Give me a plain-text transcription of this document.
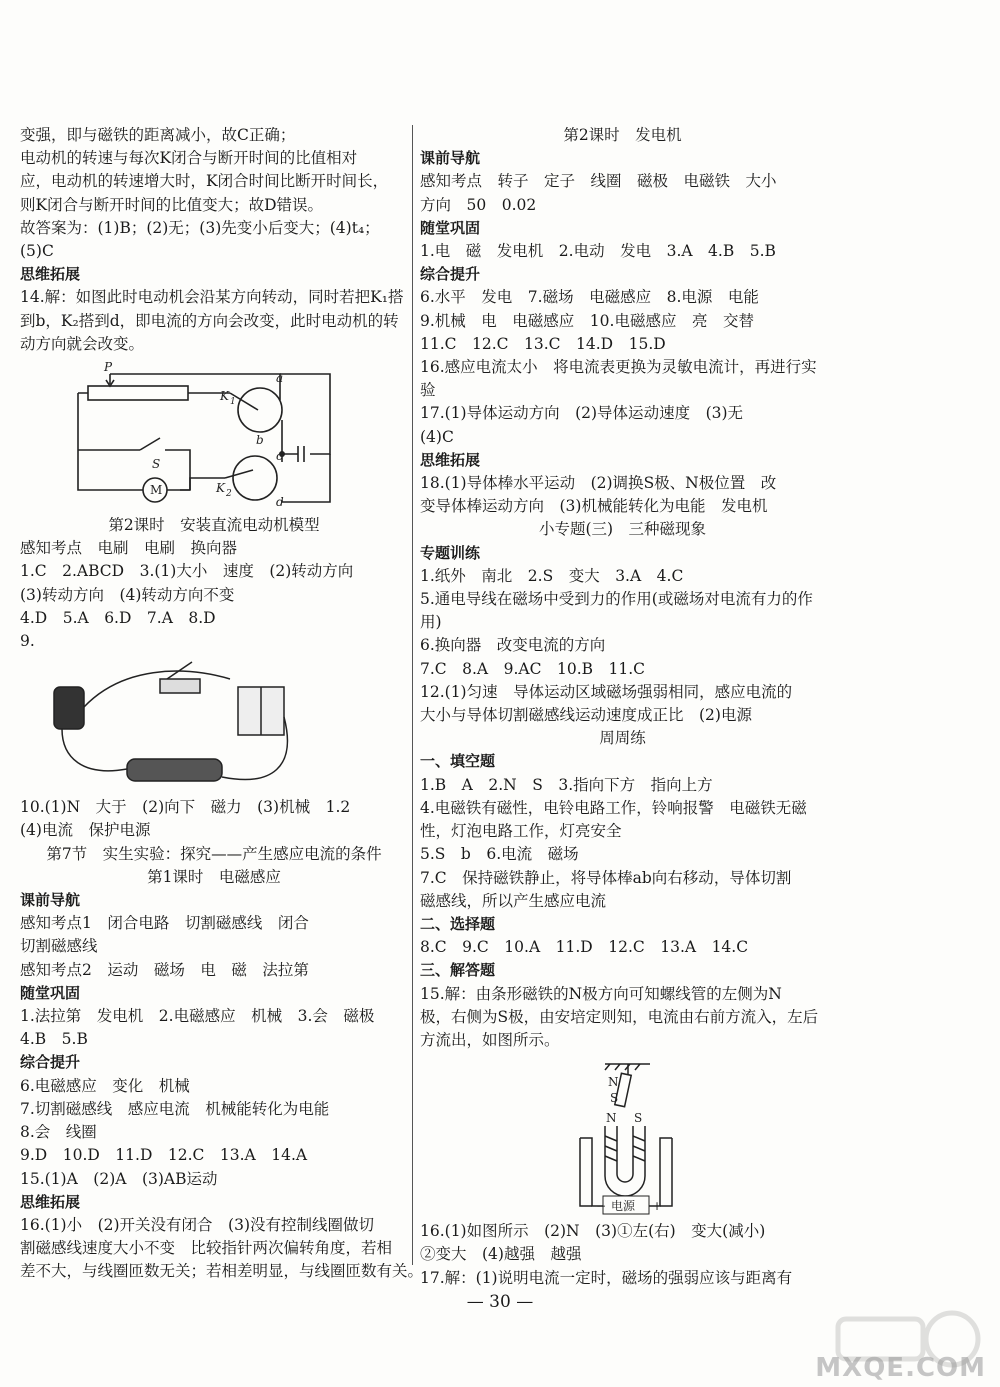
变强，即与磁铁的距离减小，故C正确；
电动机的转速与每次K闭合与断开时间的比值相对
应，电动机的转速增大时，K闭合时间比断开时间长，
则K闭合与断开时间的比值变大；故D错误。
故答案为：(1)B；(2)无；(3)先变小后变大；(4)t₄；
(5)C
思维拓展
14.解：如图此时电动机会沿某方向转动，同时若把K₁搭
到b，K₂搭到d，即电流的方向会改变，此时电动机的转
动方向就会改变。
P
K 1
a
b
S
c
K 2
d
M
第2课时　安装直流电动机模型
感知考点　电刷　电刷　换向器
1.C　2.ABCD　3.(1)大小　速度　(2)转动方向
(3)转动方向　(4)转动方向不变
4.D　5.A　6.D　7.A　8.D
9.
10.(1)N　大于　(2)向下　磁力　(3)机械　1.2
(4)电流　保护电源
第7节　实生实验：探究——产生感应电流的条件
第1课时　电磁感应
课前导航
感知考点1　闭合电路　切割磁感线　闭合
切割磁感线
感知考点2　运动　磁场　电　磁　法拉第
随堂巩固
1.法拉第　发电机　2.电磁感应　机械　3.会　磁极
4.B　5.B
综合提升
6.电磁感应　变化　机械
7.切割磁感线　感应电流　机械能转化为电能
8.会　线圈
9.D　10.D　11.D　12.C　13.A　14.A
15.(1)A　(2)A　(3)AB运动
思维拓展
16.(1)小　(2)开关没有闭合　(3)没有控制线圈做切
割磁感线速度大小不变　比较指针两次偏转角度，若相
差不大，与线圈匝数无关；若相差明显，与线圈匝数有关。
第2课时　发电机
课前导航
感知考点　转子　定子　线圈　磁极　电磁铁　大小
方向　50　0.02
随堂巩固
1.电　磁　发电机　2.电动　发电　3.A　4.B　5.B
综合提升
6.水平　发电　7.磁场　电磁感应　8.电源　电能
9.机械　电　电磁感应　10.电磁感应　亮　交替
11.C　12.C　13.C　14.D　15.D
16.感应电流太小　将电流表更换为灵敏电流计，再进行实
验
17.(1)导体运动方向　(2)导体运动速度　(3)无
(4)C
思维拓展
18.(1)导体棒水平运动　(2)调换S极、N极位置　改
变导体棒运动方向　(3)机械能转化为电能　发电机
小专题(三)　三种磁现象
专题训练
1.纸外　南北　2.S　变大　3.A　4.C
5.通电导线在磁场中受到力的作用(或磁场对电流有力的作
用)
6.换向器　改变电流的方向
7.C　8.A　9.AC　10.B　11.C
12.(1)匀速　导体运动区域磁场强弱相同，感应电流的
大小与导体切割磁感线运动速度成正比　(2)电源
周周练
一、填空题
1.B　A　2.N　S　3.指向下方　指向上方
4.电磁铁有磁性，电铃电路工作，铃响报警　电磁铁无磁
性，灯泡电路工作，灯亮安全
5.S　b　6.电流　磁场
7.C　保持磁铁静止，将导体棒ab向右移动，导体切割
磁感线，所以产生感应电流
二、选择题
8.C　9.C　10.A　11.D　12.C　13.A　14.C
三、解答题
15.解：由条形磁铁的N极方向可知螺线管的左侧为N
极，右侧为S极，由安培定则知，电流由右前方流入，左后
方流出，如图所示。
N
S
N S
电源
−	+
16.(1)如图所示　(2)N　(3)①左(右)　变大(减小)
②变大　(4)越强　越强
17.解：(1)说明电流一定时，磁场的强弱应该与距离有
— 30 —
MXQE.COM
